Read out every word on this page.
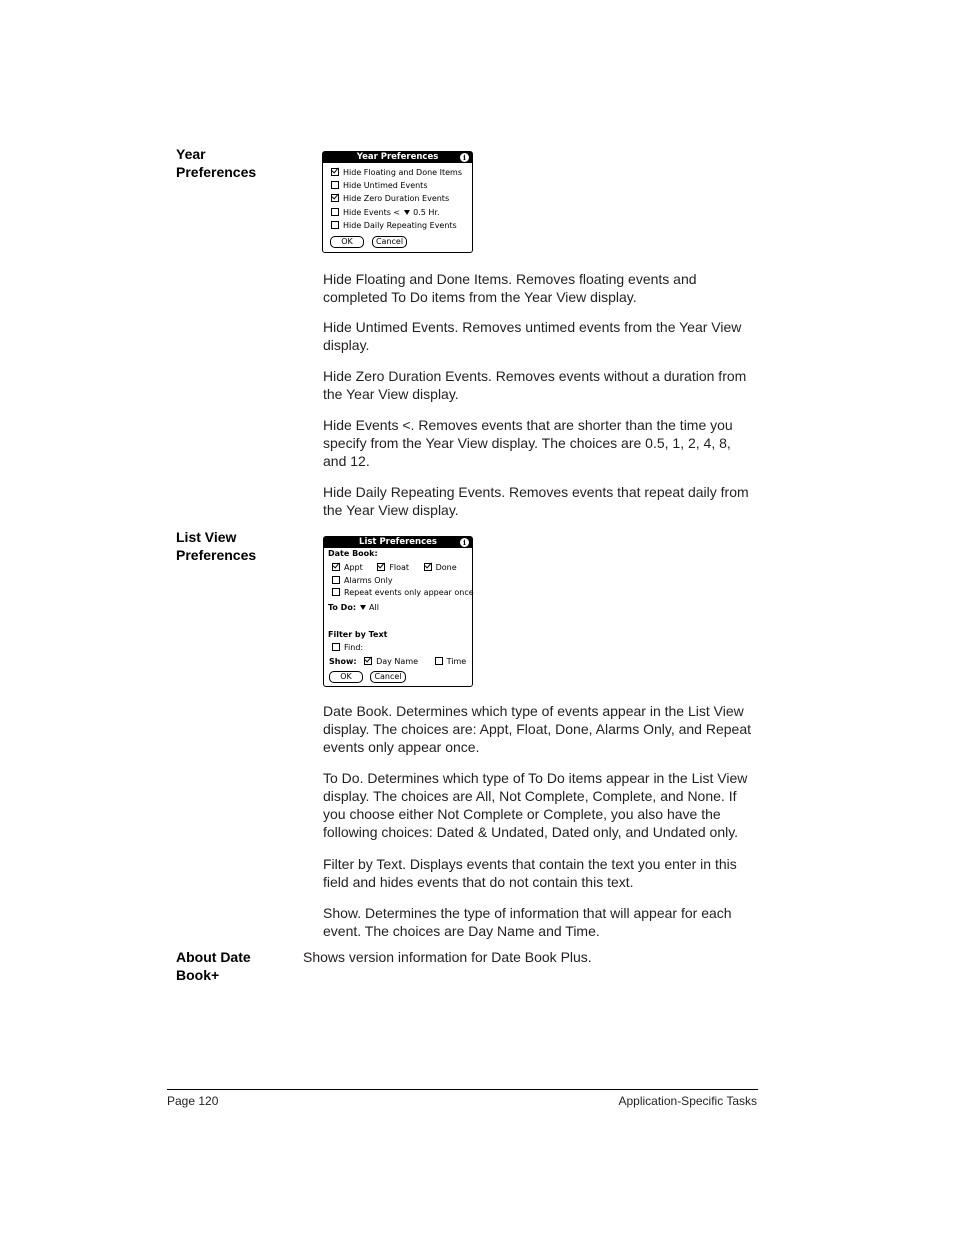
Year
Preferences
Year Preferences	i
Hide Floating and Done Items
Hide Untimed Events
Hide Zero Duration Events
Hide Events < 0.5 Hr.
Hide Daily Repeating Events
OK	Cancel
Hide Floating and Done Items. Removes floating events and completed To Do items from the Year View display.
Hide Untimed Events. Removes untimed events from the Year View display.
Hide Zero Duration Events. Removes events without a duration from the Year View display.
Hide Events <. Removes events that are shorter than the time you specify from the Year View display. The choices are 0.5, 1, 2, 4, 8, and 12.
Hide Daily Repeating Events. Removes events that repeat daily from the Year View display.
List View
Preferences
List Preferences	i
Date Book:
Appt	Float	Done
Alarms Only
Repeat events only appear once
To Do: All
Filter by Text
Find:
Show: Day Name	Time
OK	Cancel
Date Book. Determines which type of events appear in the List View display. The choices are: Appt, Float, Done, Alarms Only, and Repeat events only appear once.
To Do. Determines which type of To Do items appear in the List View display. The choices are All, Not Complete, Complete, and None. If you choose either Not Complete or Complete, you also have the following choices: Dated & Undated, Dated only, and Undated only.
Filter by Text. Displays events that contain the text you enter in this field and hides events that do not contain this text.
Show. Determines the type of information that will appear for each event. The choices are Day Name and Time.
About Date
Book+
Shows version information for Date Book Plus.
Page 120	Application-Specific Tasks
